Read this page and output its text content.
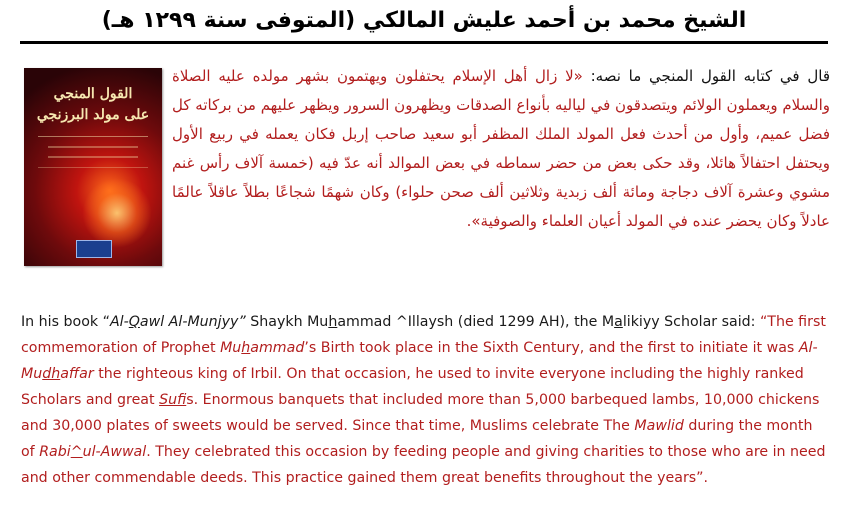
الشيخ محمد بن أحمد عليش المالكي (المتوفى سنة ١٢٩٩ هـ)
القول المنجي
على مولد البرزنجي
قال في كتابه القول المنجي ما نصه: «لا زال أهل الإسلام يحتفلون ويهتمون بشهر مولده عليه الصلاة والسلام ويعملون الولائم ويتصدقون في لياليه بأنواع الصدقات ويظهرون السرور ويظهر عليهم من بركاته كل فضل عميم، وأول من أحدث فعل المولد الملك المظفر أبو سعيد صاحب إربل فكان يعمله في ربيع الأول ويحتفل احتفالاً هائلا، وقد حكى بعض من حضر سماطه في بعض الموالد أنه عدّ فيه (خمسة آلاف رأس غنم مشوي وعشرة آلاف دجاجة ومائة ألف زبدية وثلاثين ألف صحن حلواء) وكان شهمًا شجاعًا بطلاً عاقلاً عالمًا عادلاً وكان يحضر عنده في المولد أعيان العلماء والصوفية».
In his book “Al-Qawl Al-Munjyy” Shaykh Muhammad ^Illaysh (died 1299 AH), the Malikiyy Scholar said: “The first commemoration of Prophet Muhammad’s Birth took place in the Sixth Century, and the first to initiate it was Al-Mudhaffar the righteous king of Irbil. On that occasion, he used to invite everyone including the highly ranked Scholars and great Sufis. Enormous banquets that included more than 5,000 barbequed lambs, 10,000 chickens and 30,000 plates of sweets would be served. Since that time, Muslims celebrate The Mawlid during the month of Rabi^ul-Awwal. They celebrated this occasion by feeding people and giving charities to those who are in need and other commendable deeds. This practice gained them great benefits throughout the years”.
